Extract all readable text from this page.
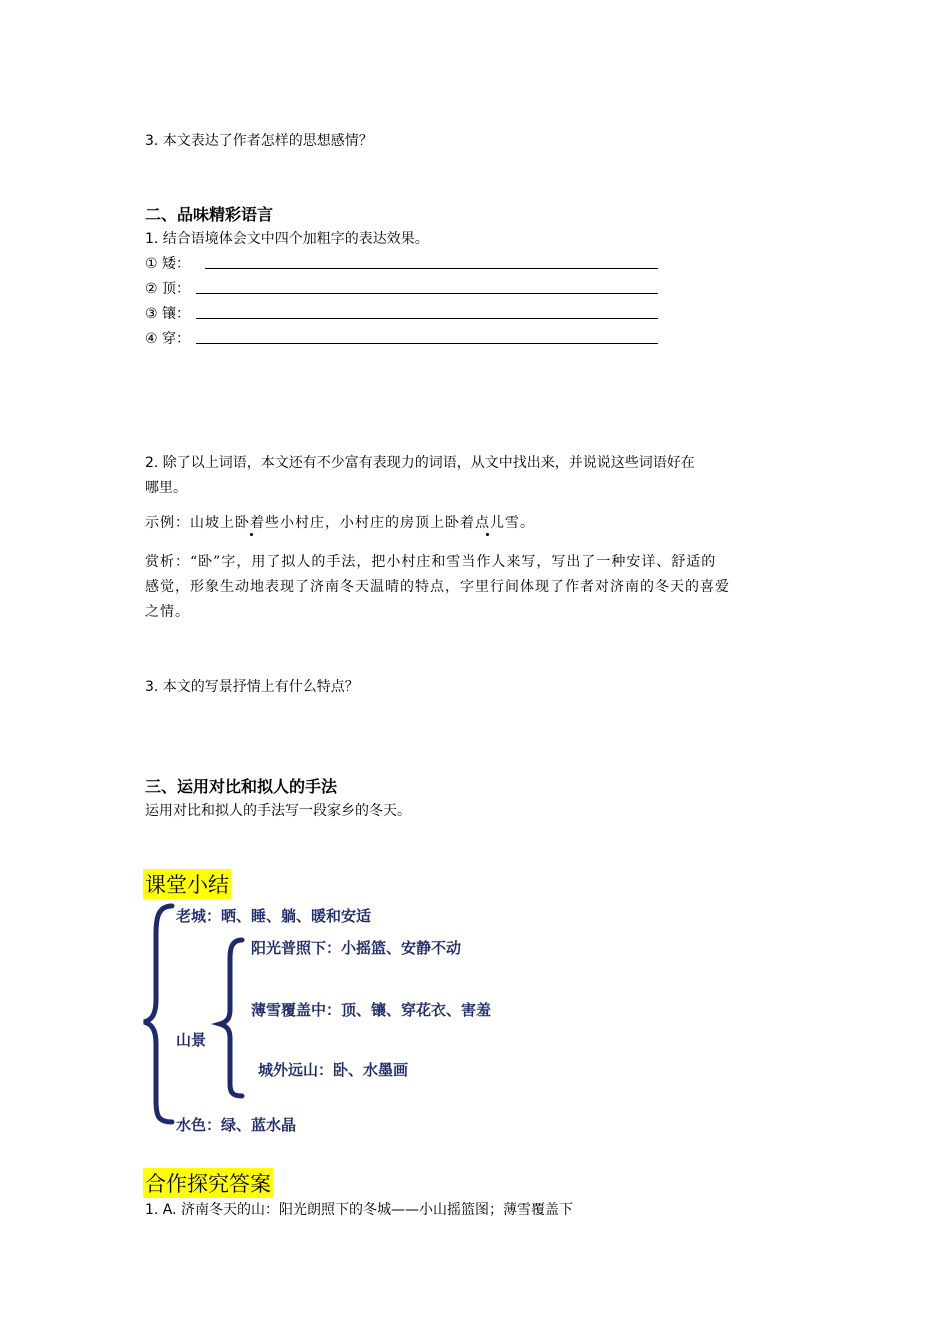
3. 本文表达了作者怎样的思想感情？
二、品味精彩语言
1. 结合语境体会文中四个加粗字的表达效果。
① 矮：
② 顶：
③ 镶：
④ 穿：
2. 除了以上词语，本文还有不少富有表现力的词语，从文中找出来，并说说这些词语好在
哪里。
示例：山坡上卧着些小村庄，小村庄的房顶上卧着点儿雪。
赏析：“卧”字，用了拟人的手法，把小村庄和雪当作人来写，写出了一种安详、舒适的
感觉，形象生动地表现了济南冬天温晴的特点，字里行间体现了作者对济南的冬天的喜爱
之情。
3. 本文的写景抒情上有什么特点？
三、运用对比和拟人的手法
运用对比和拟人的手法写一段家乡的冬天。
课堂小结
老城：晒、睡、躺、暖和安适
阳光普照下：小摇篮、安静不动
薄雪覆盖中：顶、镶、穿花衣、害羞
山景
城外远山：卧、水墨画
水色：绿、蓝水晶
合作探究答案
1. A. 济南冬天的山：阳光朗照下的冬城——小山摇篮图；薄雪覆盖下
